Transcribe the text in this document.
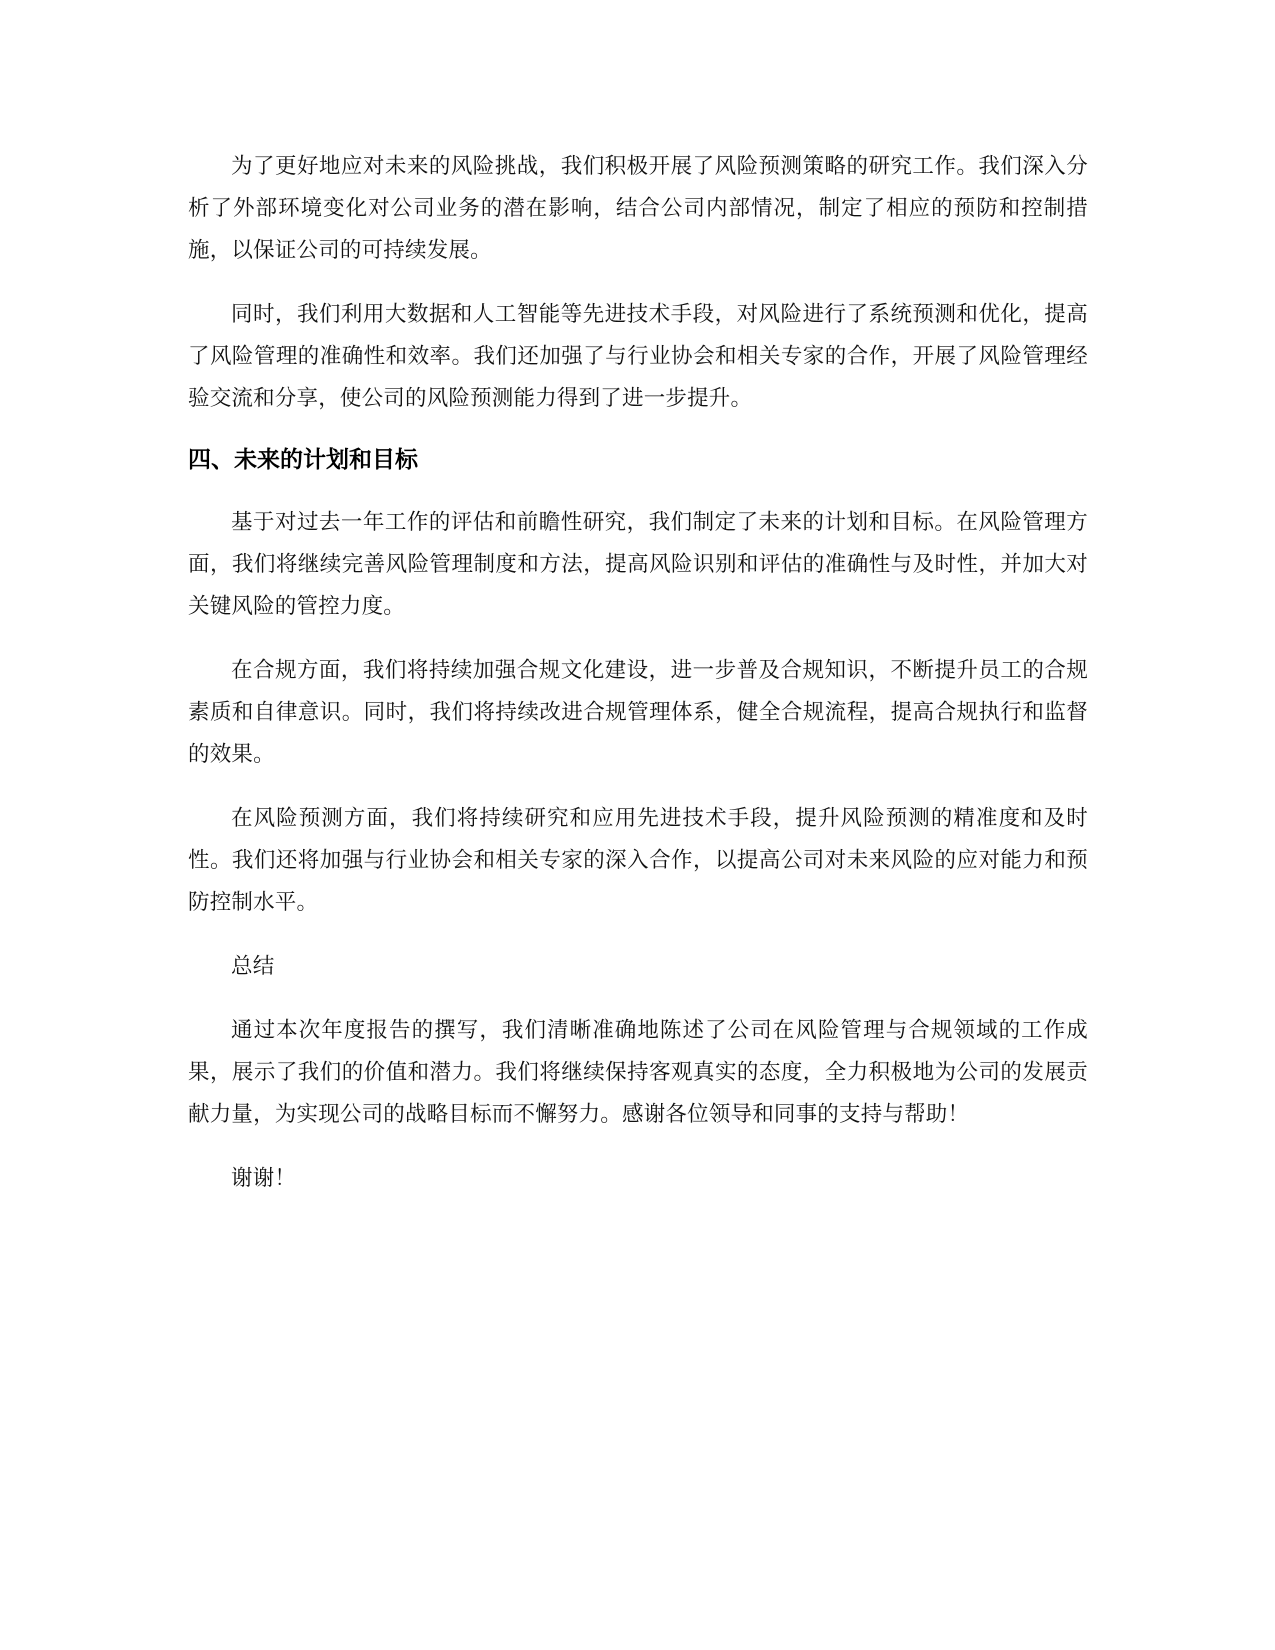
为了更好地应对未来的风险挑战，我们积极开展了风险预测策略的研究工作。我们深入分析了外部环境变化对公司业务的潜在影响，结合公司内部情况，制定了相应的预防和控制措施，以保证公司的可持续发展。

同时，我们利用大数据和人工智能等先进技术手段，对风险进行了系统预测和优化，提高了风险管理的准确性和效率。我们还加强了与行业协会和相关专家的合作，开展了风险管理经验交流和分享，使公司的风险预测能力得到了进一步提升。

四、未来的计划和目标

基于对过去一年工作的评估和前瞻性研究，我们制定了未来的计划和目标。在风险管理方面，我们将继续完善风险管理制度和方法，提高风险识别和评估的准确性与及时性，并加大对关键风险的管控力度。

在合规方面，我们将持续加强合规文化建设，进一步普及合规知识，不断提升员工的合规素质和自律意识。同时，我们将持续改进合规管理体系，健全合规流程，提高合规执行和监督的效果。

在风险预测方面，我们将持续研究和应用先进技术手段，提升风险预测的精准度和及时性。我们还将加强与行业协会和相关专家的深入合作，以提高公司对未来风险的应对能力和预防控制水平。

总结

通过本次年度报告的撰写，我们清晰准确地陈述了公司在风险管理与合规领域的工作成果，展示了我们的价值和潜力。我们将继续保持客观真实的态度，全力积极地为公司的发展贡献力量，为实现公司的战略目标而不懈努力。感谢各位领导和同事的支持与帮助！

谢谢！
